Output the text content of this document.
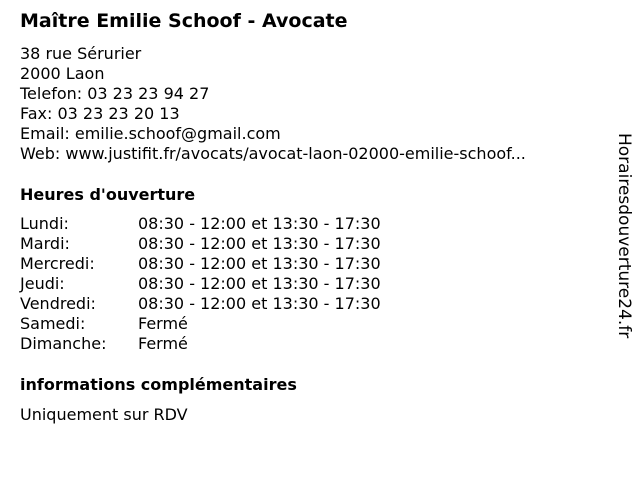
Maître Emilie Schoof - Avocate
38 rue Sérurier
2000 Laon
Telefon: 03 23 23 94 27
Fax: 03 23 23 20 13
Email: emilie.schoof@gmail.com
Web: www.justifit.fr/avocats/avocat-laon-02000-emilie-schoof...
Heures d'ouverture
Lundi:	08:30 - 12:00 et 13:30 - 17:30
Mardi:	08:30 - 12:00 et 13:30 - 17:30
Mercredi:	08:30 - 12:00 et 13:30 - 17:30
Jeudi:	08:30 - 12:00 et 13:30 - 17:30
Vendredi:	08:30 - 12:00 et 13:30 - 17:30
Samedi:	Fermé
Dimanche: Fermé
informations complémentaires
Uniquement sur RDV
Horairesdouverture24.fr
